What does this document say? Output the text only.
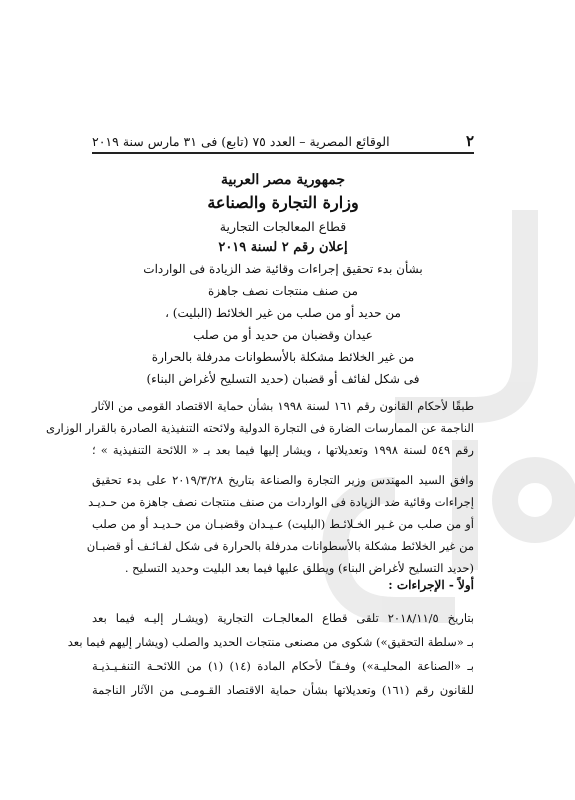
٢
الوقائع المصرية – العدد ٧٥ (تابع) فى ٣١ مارس سنة ٢٠١٩
جمهورية مصر العربية
وزارة التجارة والصناعة
قطاع المعالجات التجارية
إعلان رقم ٢ لسنة ٢٠١٩
بشأن بدء تحقيق إجراءات وقائية ضد الزيادة فى الواردات
من صنف منتجات نصف جاهزة
من حديد أو من صلب من غير الخلائط (البليت) ،
عيدان وقضبان من حديد أو من صلب
من غير الخلائط مشكلة بالأسطوانات مدرفلة بالحرارة
فى شكل لفائف أو قضبان (حديد التسليح لأغراض البناء)
طبقًا لأحكام القانون رقم ١٦١ لسنة ١٩٩٨ بشأن حماية الاقتصاد القومى من الآثار
الناجمة عن الممارسات الضارة فى التجارة الدولية ولائحته التنفيذية الصادرة بالقرار الوزارى
رقم ٥٤٩ لسنة ١٩٩٨ وتعديلاتها ، ويشار إليها فيما بعد بـ « اللائحة التنفيذية » ؛
وافق السيد المهندس وزير التجارة والصناعة بتاريخ ٢٠١٩/٣/٢٨ على بدء تحقيق
إجراءات وقائية ضد الزيادة فى الواردات من صنف منتجات نصف جاهزة من حـديـد
أو من صلب من غـير الخـلائـط (البليت) عـيـدان وقضبـان من حـديـد أو من صلب
من غير الخلائط مشكلة بالأسطوانات مدرفلة بالحرارة فى شكل لفـائـف أو قضبـان
(حديد التسليح لأغراض البناء) ويطلق عليها فيما بعد البليت وحديد التسليح .
أولاً - الإجراءات :
بتاريخ ٢٠١٨/١١/٥ تلقى قطاع المعالجـات التجارية (ويشـار إليـه فيما بعد
بـ «سلطة التحقيق») شكوى من مصنعى منتجات الحديد والصلب (ويشار إليهم فيما بعد
بـ «الصناعة المحليـة») وفـقـًا لأحكام المادة (١٤) (١) من اللائحـة التنفـيـذيـة
للقانون رقم (١٦١) وتعديلاتها بشأن حماية الاقتصاد القـومـى من الآثار الناجمة
